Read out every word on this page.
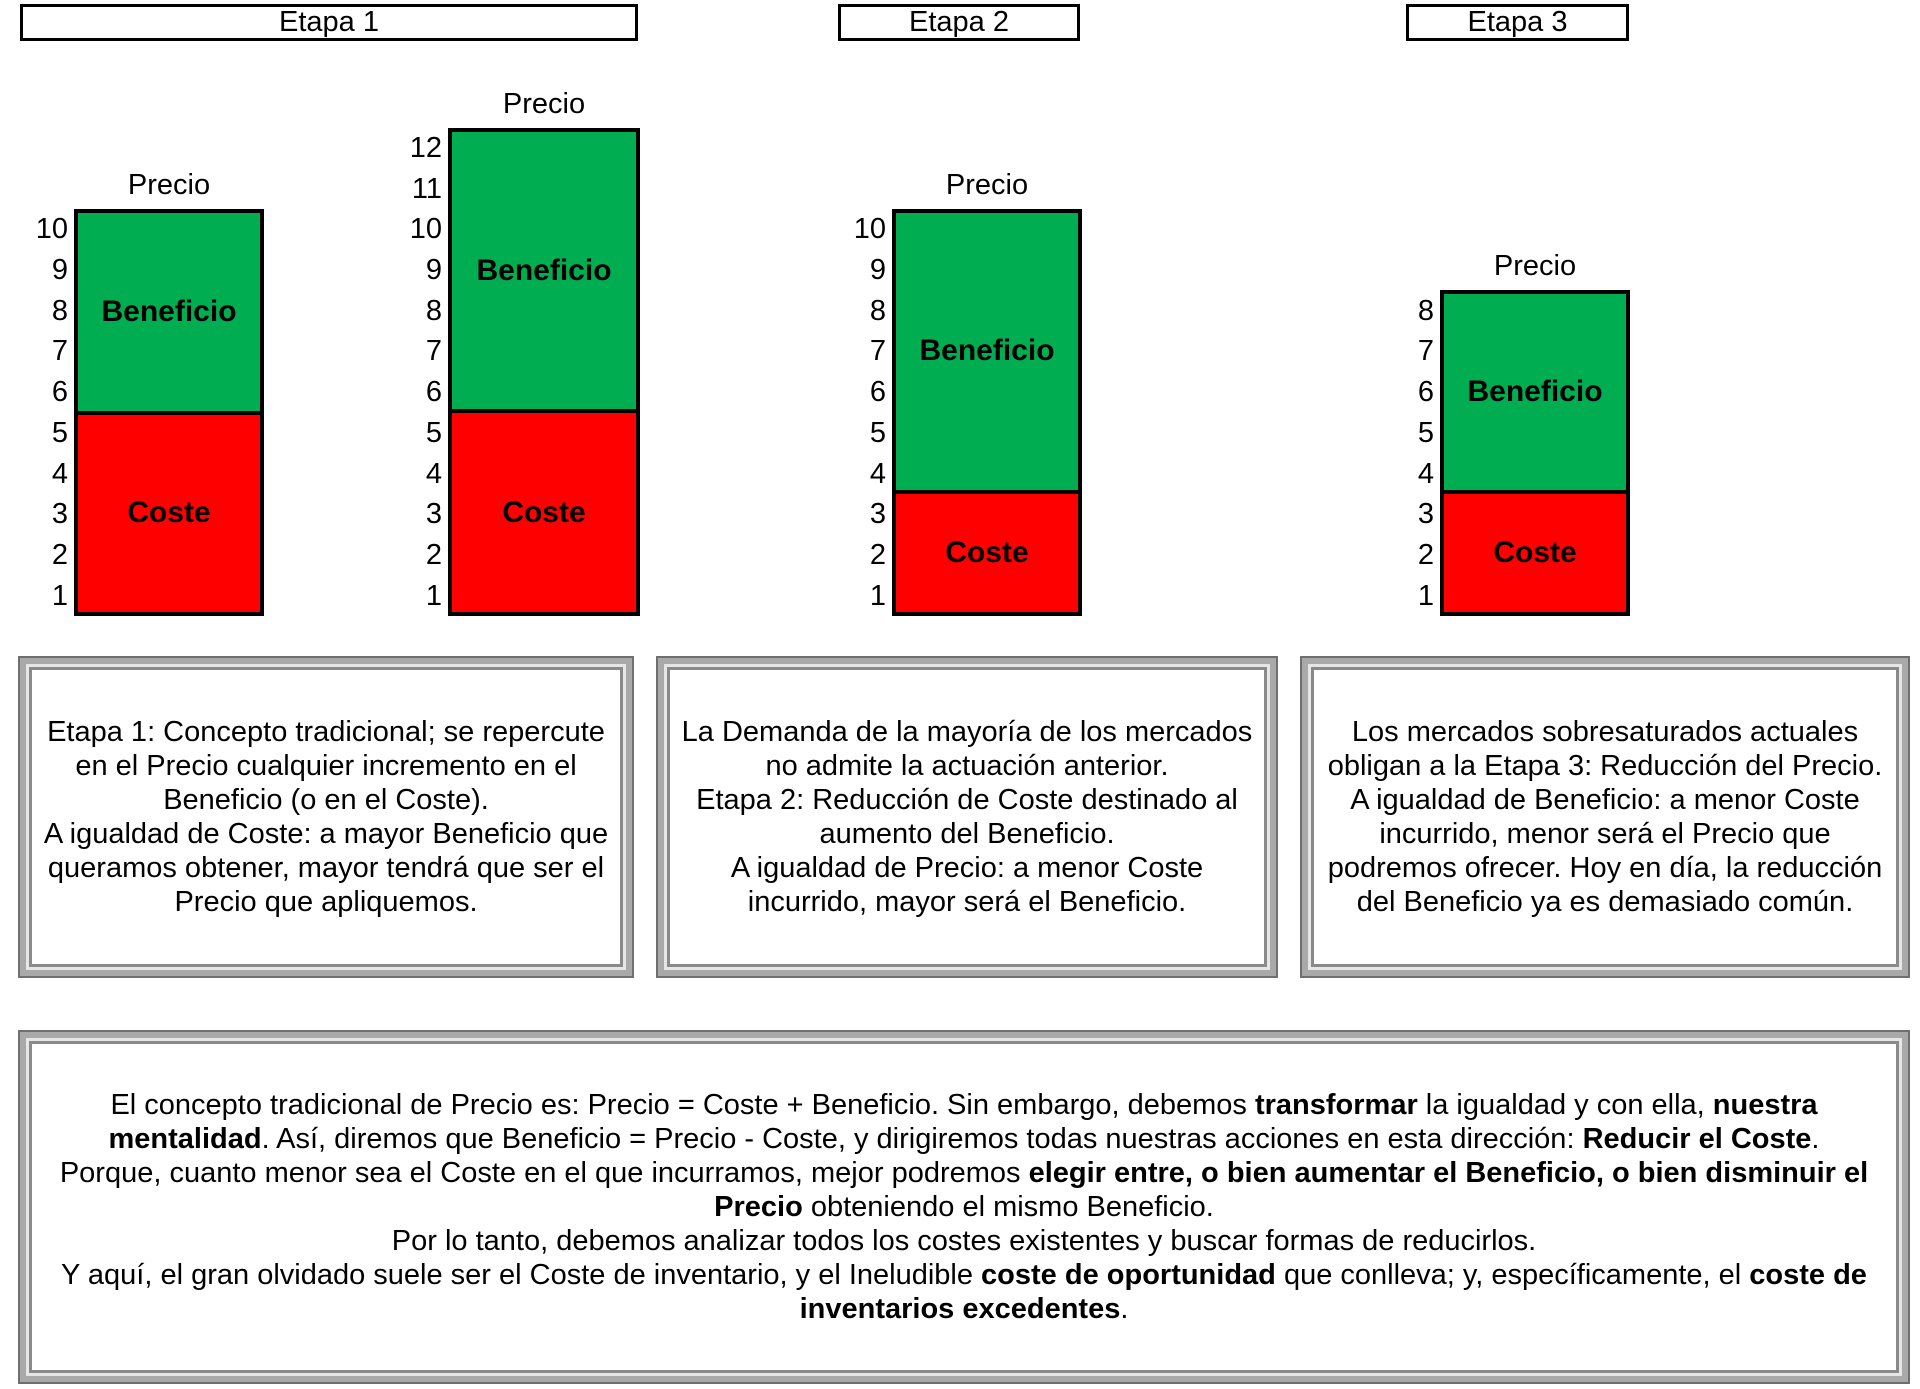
Etapa 1	Etapa 2	Etapa 3
Beneficio
Coste
Precio
1
2
3
4
5
6
7
8
9
10
Beneficio
Coste
Precio
1
2
3
4
5
6
7
8
9
10
11
12
Beneficio
Coste
Precio
1
2
3
4
5
6
7
8
9
10
Beneficio
Coste
Precio
1
2
3
4
5
6
7
8

Etapa 1: Concepto tradicional; se repercute en el Precio cualquier incremento en el Beneficio (o en el Coste).

A igualdad de Coste: a mayor Beneficio que queramos obtener, mayor tendrá que ser el Precio que apliquemos.

La Demanda de la mayoría de los mercados no admite la actuación anterior.

Etapa 2: Reducción de Coste destinado al aumento del Beneficio.

A igualdad de Precio: a menor Coste incurrido, mayor será el Beneficio.

Los mercados sobresaturados actuales obligan a la Etapa 3: Reducción del Precio.

A igualdad de Beneficio: a menor Coste incurrido, menor será el Precio que podremos ofrecer. Hoy en día, la reducción del Beneficio ya es demasiado común.

El concepto tradicional de Precio es: Precio = Coste + Beneficio. Sin embargo, debemos transformar la igualdad y con ella, nuestra mentalidad. Así, diremos que Beneficio = Precio - Coste, y dirigiremos todas nuestras acciones en esta dirección: Reducir el Coste.

Porque, cuanto menor sea el Coste en el que incurramos, mejor podremos elegir entre, o bien aumentar el Beneficio, o bien disminuir el Precio obteniendo el mismo Beneficio.

Por lo tanto, debemos analizar todos los costes existentes y buscar formas de reducirlos.

Y aquí, el gran olvidado suele ser el Coste de inventario, y el Ineludible coste de oportunidad que conlleva; y, específicamente, el coste de inventarios excedentes.
